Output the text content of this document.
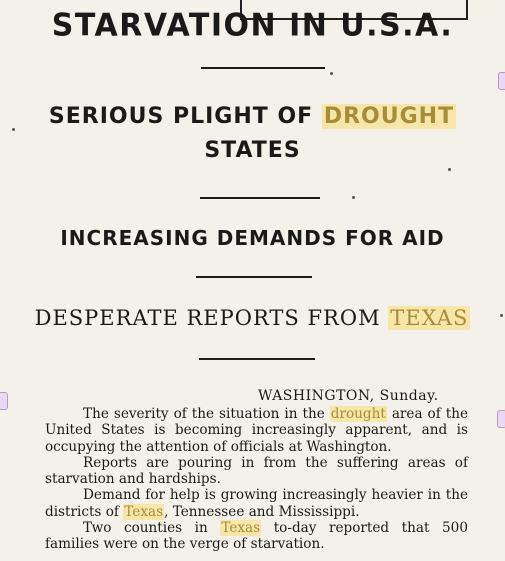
STARVATION IN U.S.A.
SERIOUS PLIGHT OF DROUGHT
STATES
INCREASING DEMANDS FOR AID
DESPERATE REPORTS FROM TEXAS
WASHINGTON, Sunday.

The severity of the situation in the drought area of the United States is becoming increasingly apparent, and is occupying the attention of officials at Washington.

Reports are pouring in from the suffering areas of starvation and hardships.

Demand for help is growing increasingly heavier in the districts of Texas, Tennessee and Mississippi.

Two counties in Texas to-day reported that 500 families were on the verge of starvation.
